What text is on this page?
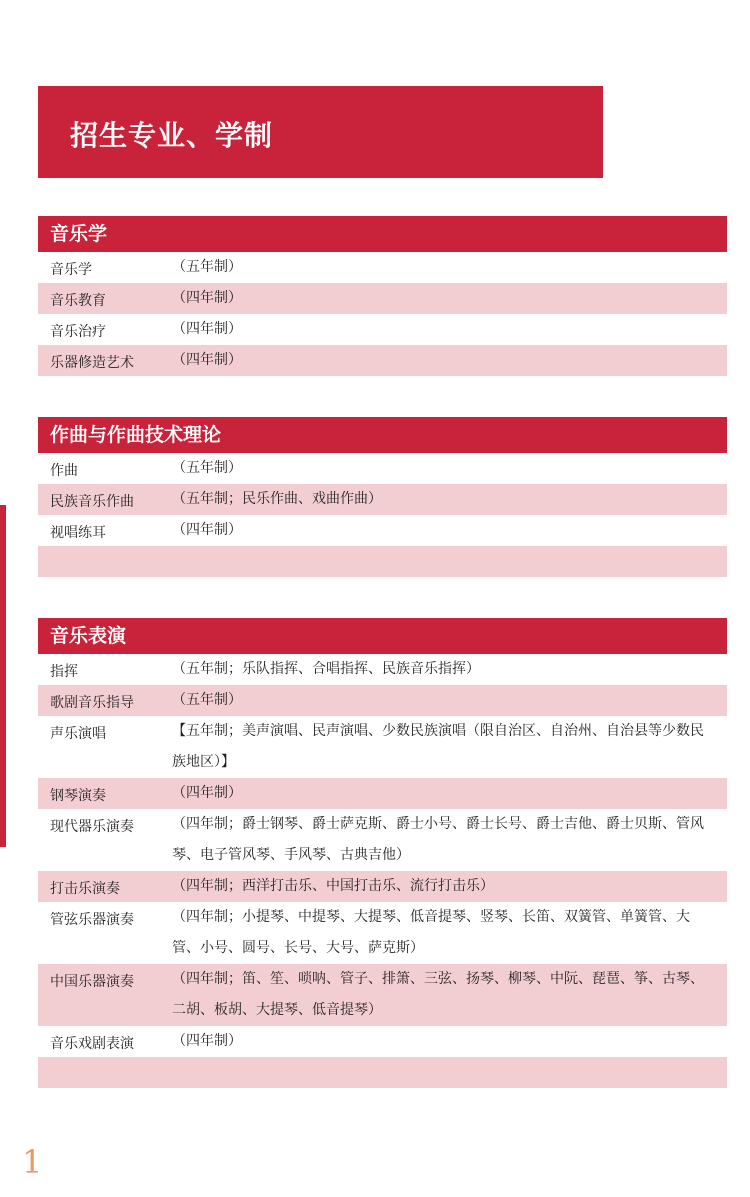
招生专业、学制
音乐学
音乐学	（五年制）
音乐教育	（四年制）
音乐治疗	（四年制）
乐器修造艺术	（四年制）
作曲与作曲技术理论
作曲	（五年制）
民族音乐作曲	（五年制；民乐作曲、戏曲作曲）
视唱练耳	（四年制）
音乐表演
指挥	（五年制；乐队指挥、合唱指挥、民族音乐指挥）
歌剧音乐指导	（五年制）
声乐演唱	【五年制；美声演唱、民声演唱、少数民族演唱（限自治区、自治州、自治县等少数民族地区）】
钢琴演奏	（四年制）
现代器乐演奏	（四年制；爵士钢琴、爵士萨克斯、爵士小号、爵士长号、爵士吉他、爵士贝斯、管风琴、电子管风琴、手风琴、古典吉他）
打击乐演奏	（四年制；西洋打击乐、中国打击乐、流行打击乐）
管弦乐器演奏	（四年制；小提琴、中提琴、大提琴、低音提琴、竖琴、长笛、双簧管、单簧管、大管、小号、圆号、长号、大号、萨克斯）
中国乐器演奏	（四年制；笛、笙、唢呐、管子、排箫、三弦、扬琴、柳琴、中阮、琵琶、筝、古琴、二胡、板胡、大提琴、低音提琴）
音乐戏剧表演	（四年制）
1
